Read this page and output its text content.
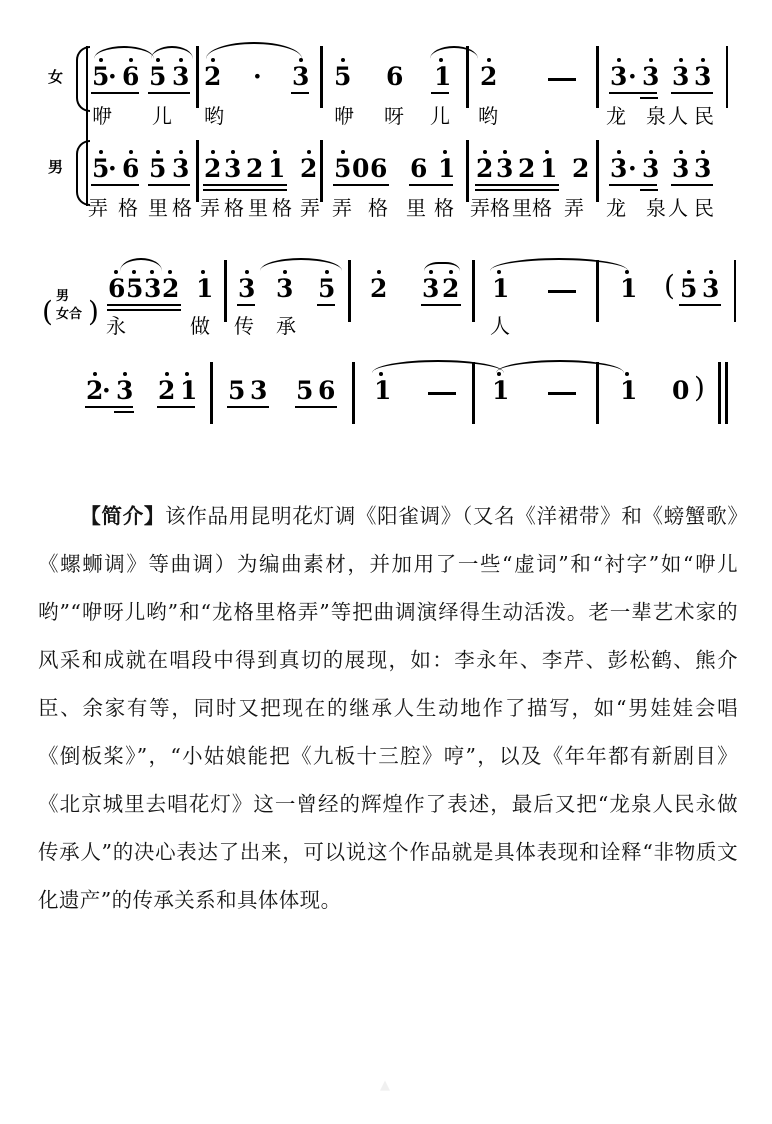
女
男
5
· 6 5 3 2 · 3 5 6 1 2	3 · 3 3 3
咿 儿 哟	咿 呀 儿 哟	龙 泉 人 民
5
· 6 5 3 2 3 2 1 2 5 0 6 6 1 2 3 2 1 2 3 · 3 3 3
弄 格 里 格 弄 格 里 格 弄 弄 格 里 格 弄格 里格 弄 龙 泉 人 民
( 男
女合 )
6 5 3 2 1 3 3 5 2 3 2 1	1 ( 5 3
永	做 传 承	人
2
· 3 2 1 5 3 5 6 1	1	1 0 )
【简介】该作品用昆明花灯调《阳雀调》（又名《洋裙带》和《螃蟹歌》《螺蛳调》等曲调）为编曲素材，并加用了一些“虚词”和“衬字”如“咿儿哟”“咿呀儿哟”和“龙格里格弄”等把曲调演绎得生动活泼。老一辈艺术家的风采和成就在唱段中得到真切的展现，如：李永年、李芹、彭松鹤、熊介臣、余家有等，同时又把现在的继承人生动地作了描写，如“男娃娃会唱《倒板桨》”，“小姑娘能把《九板十三腔》哼”，以及《年年都有新剧目》《北京城里去唱花灯》这一曾经的辉煌作了表述，最后又把“龙泉人民永做传承人”的决心表达了出来，可以说这个作品就是具体表现和诠释“非物质文化遗产”的传承关系和具体体现。
▲
